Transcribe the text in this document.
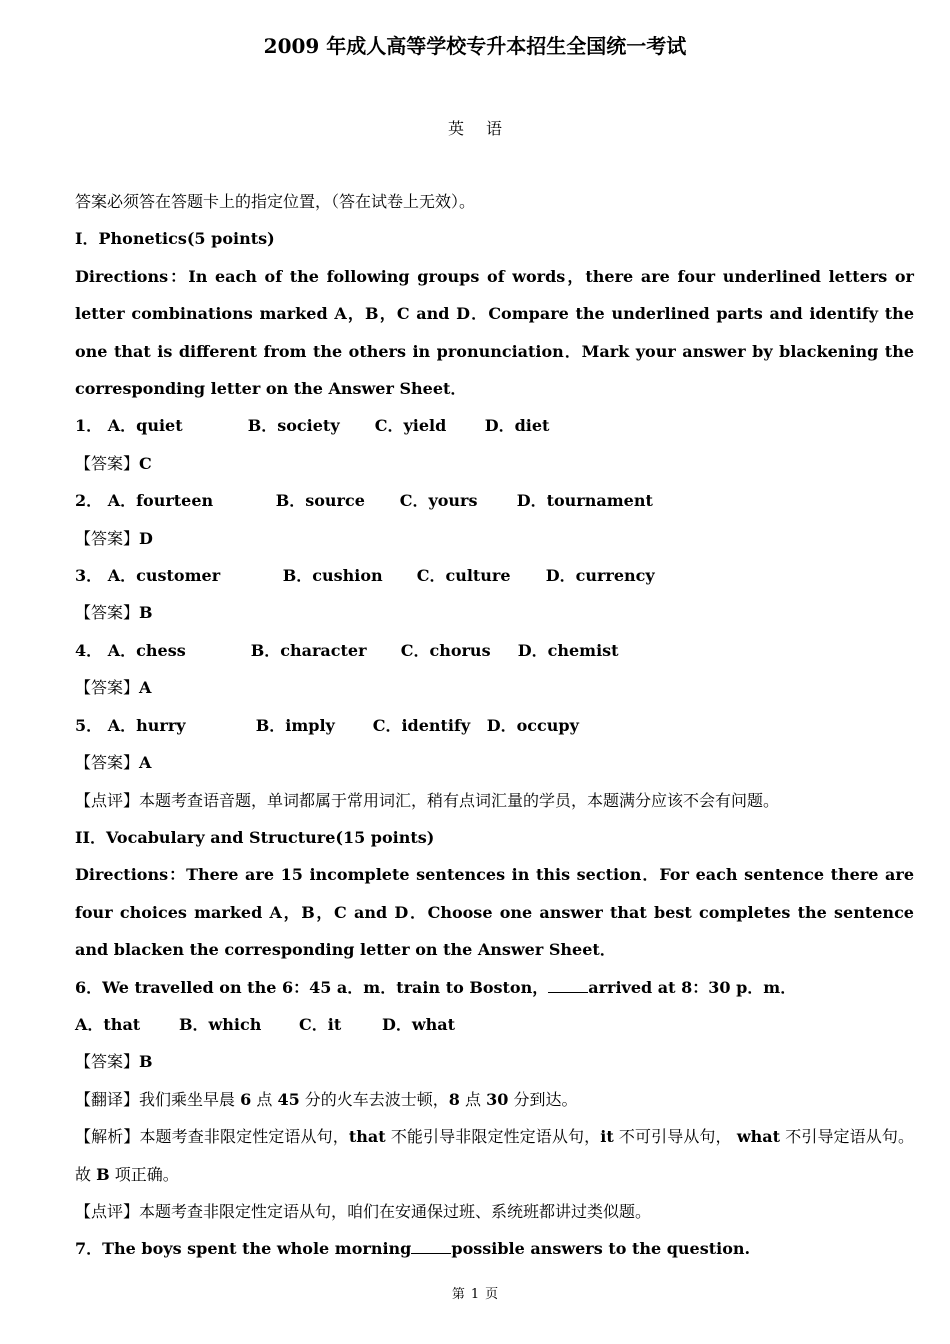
2009 年成人高等学校专升本招生全国统一考试
英语

答案必须答在答题卡上的指定位置，（答在试卷上无效）。

I．Phonetics(5 points)

Directions：In each of the following groups of words，there are four underlined letters or letter combinations marked A，B，C and D．Compare the underlined parts and identify the one that is different from the others in pronunciation．Mark your answer by blackening the corresponding letter on the Answer Sheet．

1． A．quiet	B．society C．yield D．diet

【答案】C

2． A．fourteen	B．source C．yours D．tournament

【答案】D

3． A．customer	B．cushion C．culture D．currency

【答案】B

4． A．chess	B．character C．chorus D．chemist

【答案】A

5． A．hurry	B．imply C．identify D．occupy

【答案】A

【点评】本题考查语音题，单词都属于常用词汇，稍有点词汇量的学员，本题满分应该不会有问题。

II．Vocabulary and Structure(15 points)

Directions：There are 15 incomplete sentences in this section．For each sentence there are four choices marked A，B，C and D．Choose one answer that best completes the sentence and blacken the corresponding letter on the Answer Sheet．

6．We travelled on the 6：45 a．m．train to Boston，	arrived at 8：30 p．m．

A．that B．which C．it	D．what

【答案】B

【翻译】我们乘坐早晨 6 点 45 分的火车去波士顿，8 点 30 分到达。

【解析】本题考查非限定性定语从句，that 不能引导非限定性定语从句，it 不可引导从句， what 不引导定语从句。故 B 项正确。

【点评】本题考查非限定性定语从句，咱们在安通保过班、系统班都讲过类似题。

7．The boys spent the whole morning	possible answers to the question.

第 1 页
